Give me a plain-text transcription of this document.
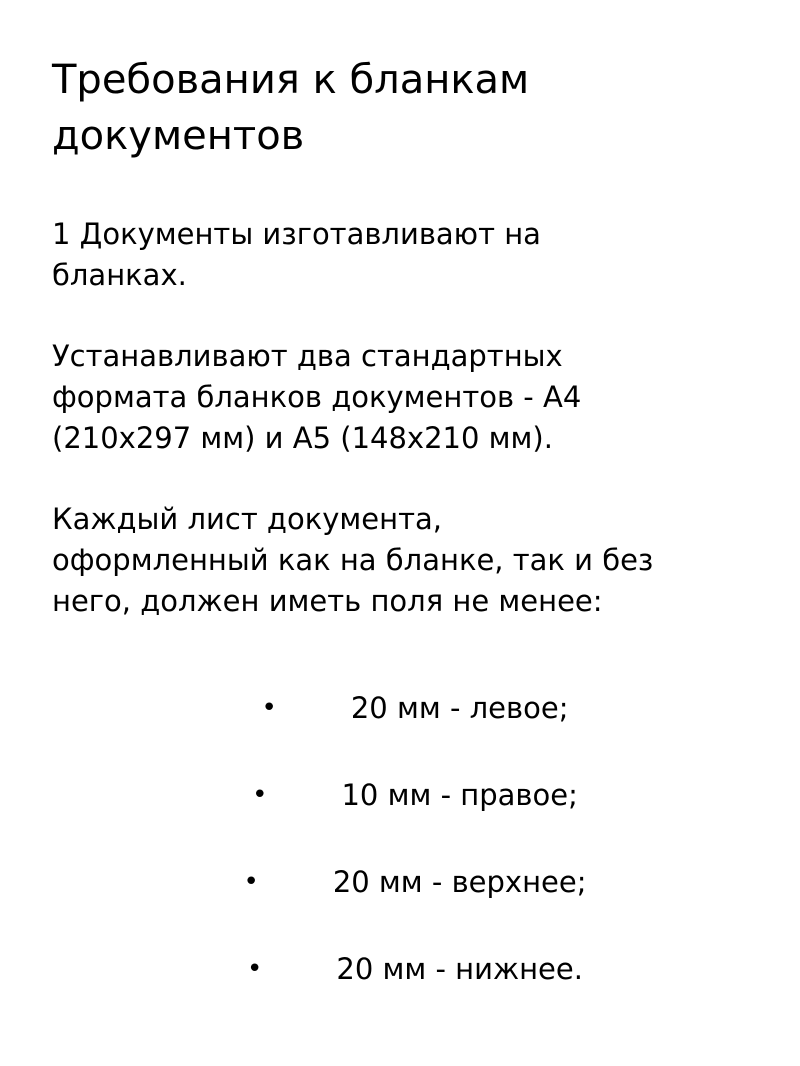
Требования к бланкам
документов
1 Документы изготавливают на
бланках.
Устанавливают два стандартных
формата бланков документов - А4
(210x297 мм) и А5 (148x210 мм).
Каждый лист документа,
оформленный как на бланке, так и без
него, должен иметь поля не менее:
•	20 мм - левое;
•	10 мм - правое;
•	20 мм - верхнее;
•	20 мм - нижнее.
